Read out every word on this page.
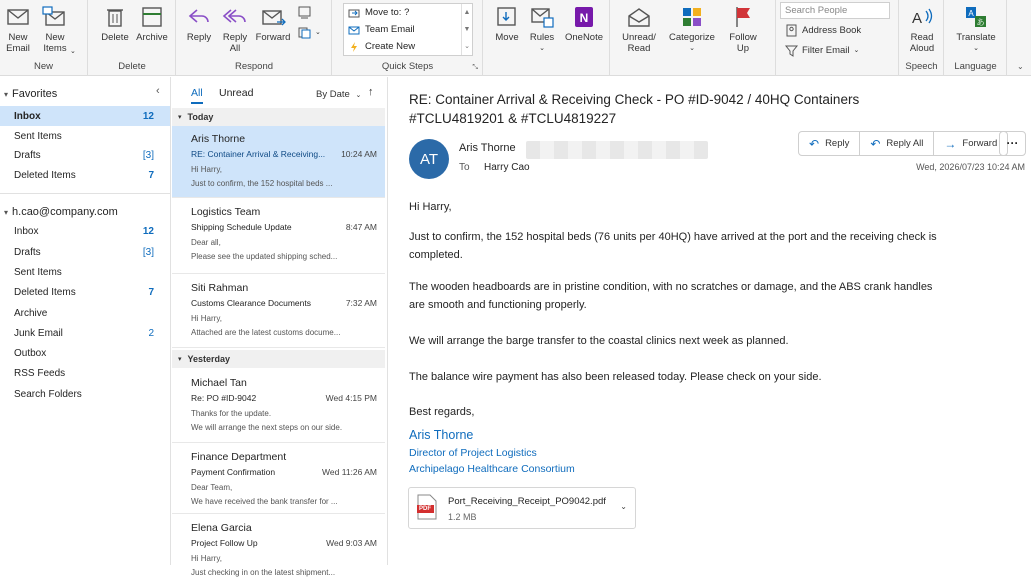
New
Email
New
Items ⌄
New
Delete Archive
Delete
Reply Reply
All
Forward	⌄
Respond	Quick Steps	⤡
Move to: ?
Team Email
Create New
▲
▼
⌄
Move Rules
⌄
N
OneNote Unread/
Read
Categorize
⌄
Follow
Up
Search People
Address Book
Filter Email ⌄
A
Read
Aloud
Speech
A
あ
Translate
⌄
Language	⌄
▾ Favorites	‹
Inbox	12
Sent Items
Drafts	[3]
Deleted Items	7
▾ h.cao@company.com
Inbox	12
Drafts	[3]
Sent Items
Deleted Items	7
Archive
Junk Email	2
Outbox
RSS Feeds
Search Folders
All Unread	By Date ⌄ ↑
▾ Today
Aris Thorne
RE: Container Arrival & Receiving... 10:24 AM
Hi Harry,
Just to confirm, the 152 hospital beds ...
Logistics Team
Shipping Schedule Update	8:47 AM
Dear all,
Please see the updated shipping sched...
Siti Rahman
Customs Clearance Documents	7:32 AM
Hi Harry,
Attached are the latest customs docume...
▾ Yesterday
Michael Tan
Re: PO #ID-9042	Wed 4:15 PM
Thanks for the update.
We will arrange the next steps on our side.
Finance Department
Payment Confirmation	Wed 11:26 AM
Dear Team,
We have received the bank transfer for ...
Elena Garcia
Project Follow Up	Wed 9:03 AM
Hi Harry,
Just checking in on the latest shipment...
RE: Container Arrival & Receiving Check - PO #ID-9042 / 40HQ Containers #TCLU4819201 & #TCLU4819227
↶ Reply ↶ Reply All → Forward ···
AT
Aris Thorne
To Harry Cao	Wed, 2026/07/23 10:24 AM

Hi Harry,

Just to confirm, the 152 hospital beds (76 units per 40HQ) have arrived at the port and the receiving check is completed.

The wooden headboards are in pristine condition, with no scratches or damage, and the ABS crank handles are smooth and functioning properly.

We will arrange the barge transfer to the coastal clinics next week as planned.

The balance wire payment has also been released today. Please check on your side.

Best regards,

Aris Thorne
Director of Project Logistics
Archipelago Healthcare Consortium
PDF
Port_Receiving_Receipt_PO9042.pdf
1.2 MB
⌄
